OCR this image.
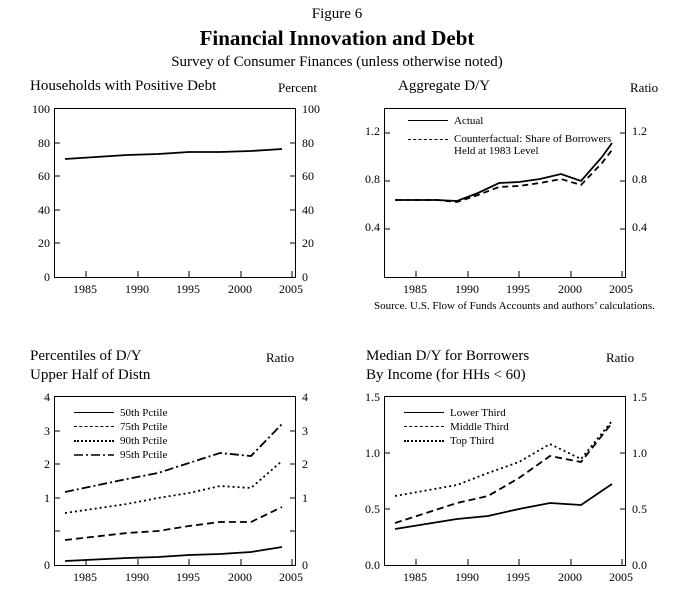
Figure 6
Financial Innovation and Debt
Survey of Consumer Finances (unless otherwise noted)
Households with Positive Debt	Percent
100
80
60
40
20
0
100
80
60
40
20
0
1985	1990	1995	2000	2005
Aggregate D/Y	Ratio
Actual
Counterfactual: Share of Borrowers Held at 1983 Level
1.2
0.8
0.4
1.2
0.8
0.4
1985	1990	1995	2000	2005
Source. U.S. Flow of Funds Accounts and authors’ calculations.
Percentiles of D/Y
Upper Half of Distn
Ratio
50th Pctile
75th Pctile
90th Pctile
95th Pctile
4
3
2
1
0
4
3
2
1
0
1985	1990	1995	2000	2005
Median D/Y for Borrowers
By Income (for HHs < 60)
Ratio
Lower Third
Middle Third
Top Third
1.5
1.0
0.5
0.0
1.5
1.0
0.5
0.0
1985	1990	1995	2000	2005
